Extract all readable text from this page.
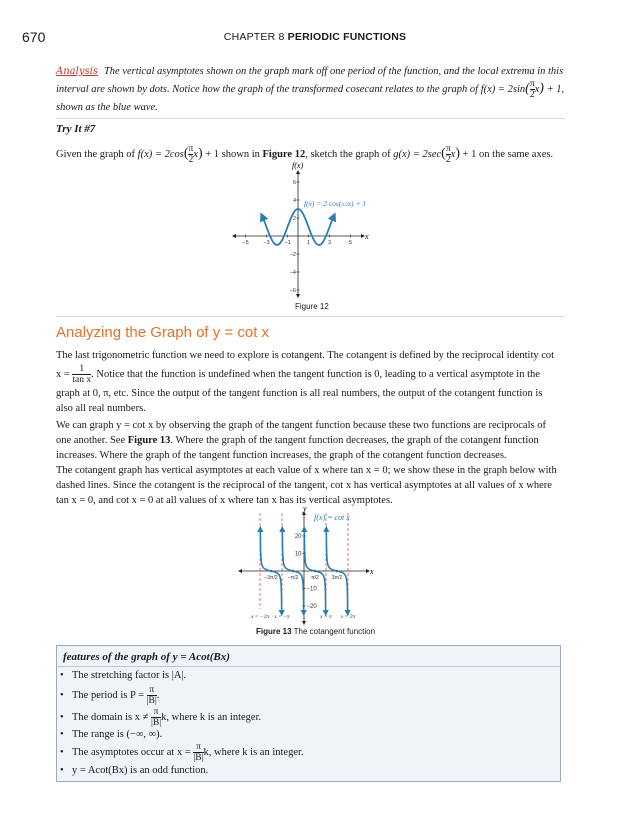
670	CHAPTER 8 PERIODIC FUNCTIONS
Analysis The vertical asymptotes shown on the graph mark off one period of the function, and the local extrema in this
interval are shown by dots. Notice how the graph of the transformed cosecant relates to the graph of $f(x) = 2\sin( \frac{\pi}{2} x) + 1$,
shown as the blue wave.
Try It #7
Given the graph of $f(x) = 2\cos( \frac{\pi}{2} x) + 1$ shown in Figure 12, sketch the graph of $g(x) = 2\sec( \frac{\pi}{2} x) + 1$ on the same axes.
6
4
2
−2
−4
−6
−5	−3	−1	1	3	5
f(x)
x
f(x) = 2 cos(π/2x) + 1
Figure 12
Analyzing the Graph of y = cot x
The last trigonometric function we need to explore is cotangent. The cotangent is defined by the reciprocal identity cot
$x = \frac{1}{\text{tan x}}$ . Notice that the function is undefined when the tangent function is 0, leading to a vertical asymptote in the
graph at 0, π, etc. Since the output of the tangent function is all real numbers, the output of the cotangent function is
also all real numbers.
We can graph y = cot x by observing the graph of the tangent function because these two functions are reciprocals of
one another. See Figure 13. Where the graph of the tangent function decreases, the graph of the cotangent function
increases. Where the graph of the tangent function increases, the graph of the cotangent function decreases.
The cotangent graph has vertical asymptotes at each value of x where tan x = 0; we show these in the graph below with
dashed lines. Since the cotangent is the reciprocal of the tangent, cot x has vertical asymptotes at all values of x where
tan x = 0, and cot x = 0 at all values of x where tan x has its vertical asymptotes.
20
10
−10
−20
−3π/2 −π/2	π/2	3π/2
y
x
f(x) = cot x
x = −2π x = −π	x = π x = 2π
Figure 13 The cotangent function
features of the graph of y = Acot(Bx)
• The stretching factor is |A|.
• The period is $P = \frac{\pi}{|B|}$ .
• The domain is $x \ne \frac{\pi}{|B|} k$, where k is an integer.
• The range is (−∞, ∞).
• The asymptotes occur at $x = \frac{\pi}{|B|} k$, where k is an integer.
• y = Acot(Bx) is an odd function.
